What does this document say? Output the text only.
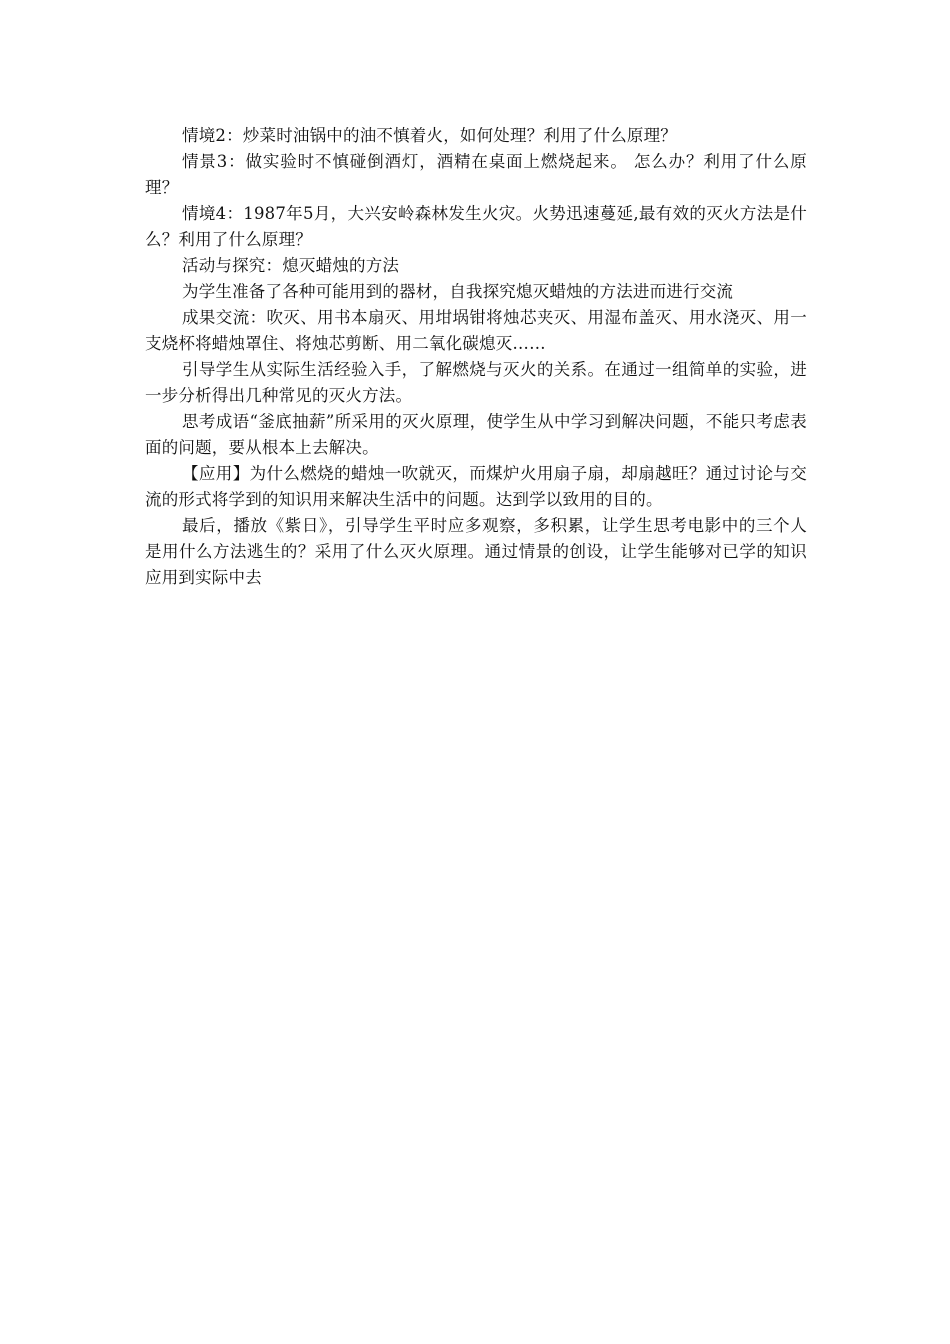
情境2：炒菜时油锅中的油不慎着火，如何处理？利用了什么原理？

情景3：做实验时不慎碰倒酒灯，酒精在桌面上燃烧起来。 怎么办？利用了什么原理？

情境4：1987年5月，大兴安岭森林发生火灾。火势迅速蔓延,最有效的灭火方法是什么？利用了什么原理？

活动与探究：熄灭蜡烛的方法

为学生准备了各种可能用到的器材，自我探究熄灭蜡烛的方法进而进行交流

成果交流：吹灭、用书本扇灭、用坩埚钳将烛芯夹灭、用湿布盖灭、用水浇灭、用一支烧杯将蜡烛罩住、将烛芯剪断、用二氧化碳熄灭……

引导学生从实际生活经验入手，了解燃烧与灭火的关系。在通过一组简单的实验，进一步分析得出几种常见的灭火方法。

思考成语“釜底抽薪”所采用的灭火原理，使学生从中学习到解决问题，不能只考虑表面的问题，要从根本上去解决。

【应用】为什么燃烧的蜡烛一吹就灭，而煤炉火用扇子扇，却扇越旺？通过讨论与交流的形式将学到的知识用来解决生活中的问题。达到学以致用的目的。

最后，播放《紫日》，引导学生平时应多观察，多积累，让学生思考电影中的三个人是用什么方法逃生的？采用了什么灭火原理。通过情景的创设，让学生能够对已学的知识应用到实际中去
